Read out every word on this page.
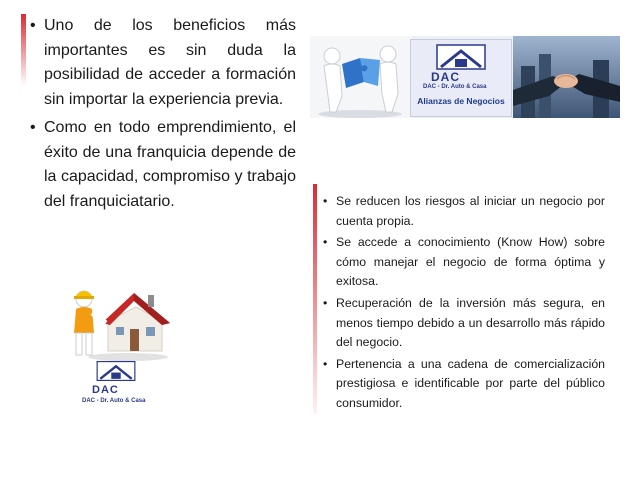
• Uno de los beneficios más importantes es sin duda la posibilidad de acceder a formación sin importar la experiencia previa.
• Como en todo emprendimiento, el éxito de una franquicia depende de la capacidad, compromiso y trabajo del franquiciatario.
DAC
DAC - Dr. Auto & Casa
Alianzas de Negocios
• Se reducen los riesgos al iniciar un negocio por cuenta propia.
• Se accede a conocimiento (Know How) sobre cómo manejar el negocio de forma óptima y exitosa.
• Recuperación de la inversión más segura, en menos tiempo debido a un desarrollo más rápido del negocio.
• Pertenencia a una cadena de comercialización prestigiosa e identificable por parte del público consumidor.
DAC
DAC - Dr. Auto & Casa
